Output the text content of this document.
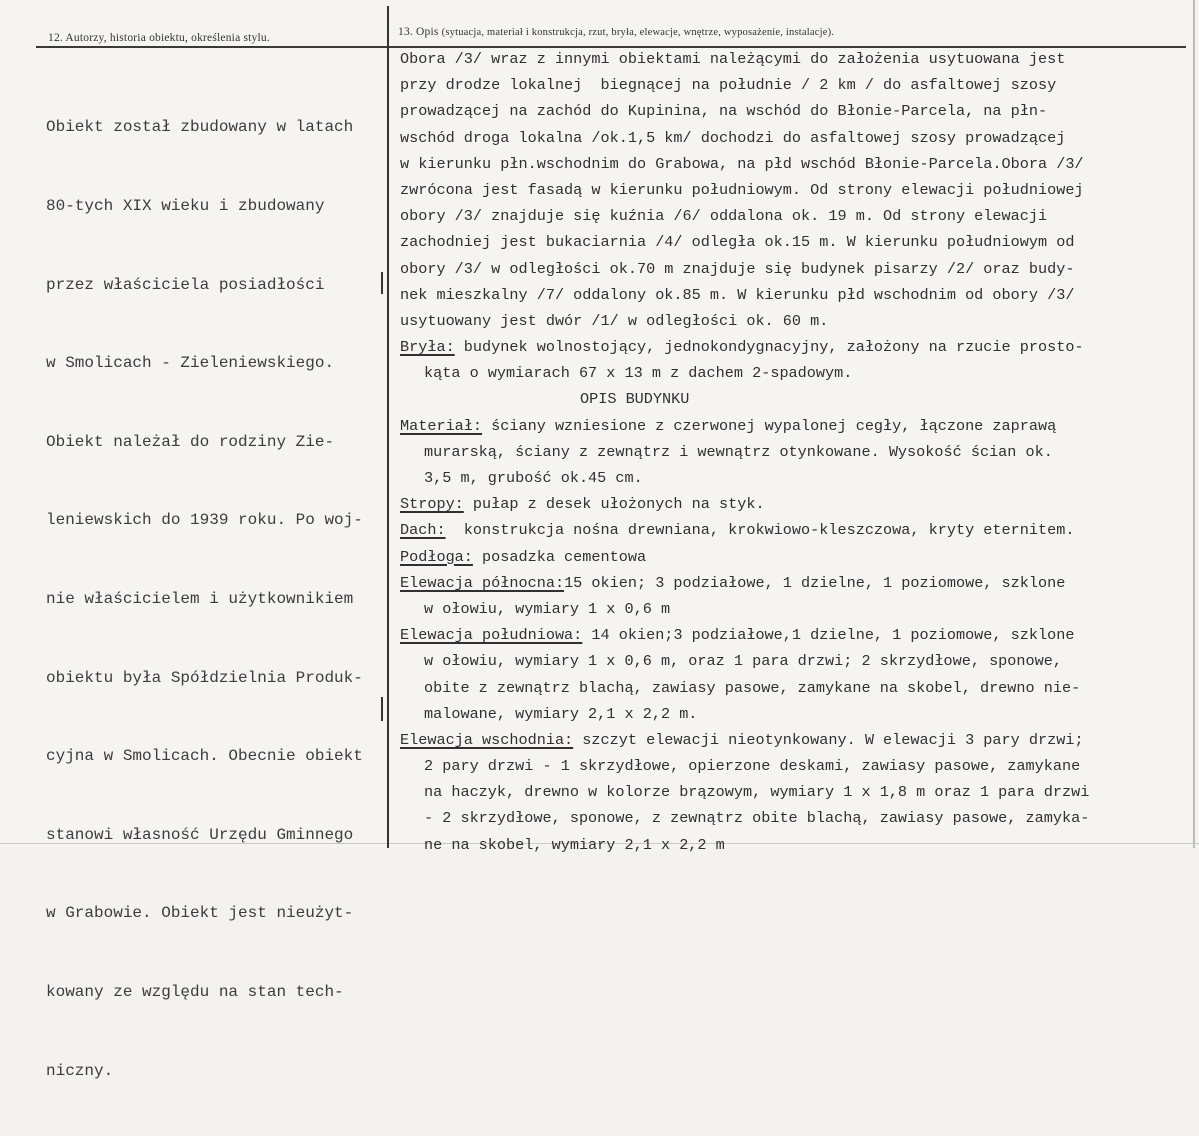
12. Autorzy, historia obiektu, określenia stylu.	13. Opis (sytuacja, materiał i konstrukcja, rzut, bryła, elewacje, wnętrze, wyposażenie, instalacje).

Obiekt został zbudowany w latach

80-tych XIX wieku i zbudowany

przez właściciela posiadłości

w Smolicach - Zieleniewskiego.

Obiekt należał do rodziny Zie-

leniewskich do 1939 roku. Po woj-

nie właścicielem i użytkownikiem

obiektu była Spółdzielnia Produk-

cyjna w Smolicach. Obecnie obiekt

stanowi własność Urzędu Gminnego

w Grabowie. Obiekt jest nieużyt-

kowany ze względu na stan tech-

niczny.

Obora /3/ wraz z innymi obiektami należącymi do założenia usytuowana jest
przy drodze lokalnej  biegnącej na południe / 2 km / do asfaltowej szosy
prowadzącej na zachód do Kupinina, na wschód do Błonie-Parcela, na płn-
wschód droga lokalna /ok.1,5 km/ dochodzi do asfaltowej szosy prowadzącej
w kierunku płn.wschodnim do Grabowa, na płd wschód Błonie-Parcela.Obora /3/
zwrócona jest fasadą w kierunku południowym. Od strony elewacji południowej
obory /3/ znajduje się kuźnia /6/ oddalona ok. 19 m. Od strony elewacji
zachodniej jest bukaciarnia /4/ odległa ok.15 m. W kierunku południowym od
obory /3/ w odległości ok.70 m znajduje się budynek pisarzy /2/ oraz budy-
nek mieszkalny /7/ oddalony ok.85 m. W kierunku płd wschodnim od obory /3/
usytuowany jest dwór /1/ w odległości ok. 60 m.
Bryła: budynek wolnostojący, jednokondygnacyjny, założony na rzucie prosto-
kąta o wymiarach 67 x 13 m z dachem 2-spadowym.
OPIS BUDYNKU
Materiał: ściany wzniesione z czerwonej wypalonej cegły, łączone zaprawą
murarską, ściany z zewnątrz i wewnątrz otynkowane. Wysokość ścian ok.
3,5 m, grubość ok.45 cm.
Stropy: pułap z desek ułożonych na styk.
Dach:  konstrukcja nośna drewniana, krokwiowo-kleszczowa, kryty eternitem.
Podłoga: posadzka cementowa
Elewacja północna:15 okien; 3 podziałowe, 1 dzielne, 1 poziomowe, szklone
w ołowiu, wymiary 1 x 0,6 m
Elewacja południowa: 14 okien;3 podziałowe,1 dzielne, 1 poziomowe, szklone
w ołowiu, wymiary 1 x 0,6 m, oraz 1 para drzwi; 2 skrzydłowe, sponowe,
obite z zewnątrz blachą, zawiasy pasowe, zamykane na skobel, drewno nie-
malowane, wymiary 2,1 x 2,2 m.
Elewacja wschodnia: szczyt elewacji nieotynkowany. W elewacji 3 pary drzwi;
2 pary drzwi - 1 skrzydłowe, opierzone deskami, zawiasy pasowe, zamykane
na haczyk, drewno w kolorze brązowym, wymiary 1 x 1,8 m oraz 1 para drzwi
- 2 skrzydłowe, sponowe, z zewnątrz obite blachą, zawiasy pasowe, zamyka-
ne na skobel, wymiary 2,1 x 2,2 m
